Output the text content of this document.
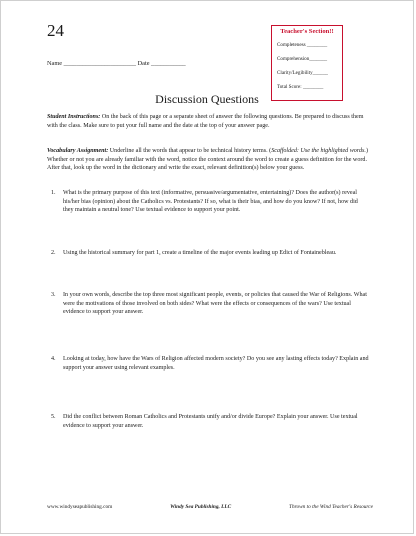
24	Teacher's Section!!
Completeness ________
Comprehension_______
Clarity/Legibility______
Total Score: ________
Name _______________________ Date ___________
Discussion Questions
Student Instructions: On the back of this page or a separate sheet of answer the following questions. Be prepared to discuss them with the class. Make sure to put your full name and the date at the top of your answer page.
Vocabulary Assignment: Underline all the words that appear to be technical history terms. (Scaffolded: Use the highlighted words.) Whether or not you are already familiar with the word, notice the context around the word to create a guess definition for the word. After that, look up the word in the dictionary and write the exact, relevant definition(s) below your guess.
1. What is the primary purpose of this text (informative, persuasive/argumentative, entertaining)? Does the author(s) reveal his/her bias (opinion) about the Catholics vs. Protestants? If so, what is their bias, and how do you know? If not, how did they maintain a neutral tone? Use textual evidence to support your point.
2. Using the historical summary for part 1, create a timeline of the major events leading up Edict of Fontainebleau.
3. In your own words, describe the top three most significant people, events, or policies that caused the War of Religions. What were the motivations of those involved on both sides? What were the effects or consequences of the wars? Use textual evidence to support your answer.
4. Looking at today, how have the Wars of Religion affected modern society? Do you see any lasting effects today? Explain and support your answer using relevant examples.
5. Did the conflict between Roman Catholics and Protestants unify and/or divide Europe? Explain your answer. Use textual evidence to support your answer.
www.windyseapublishing.com	Windy Sea Publishing, LLC	Thrown to the Wind Teacher's Resource
